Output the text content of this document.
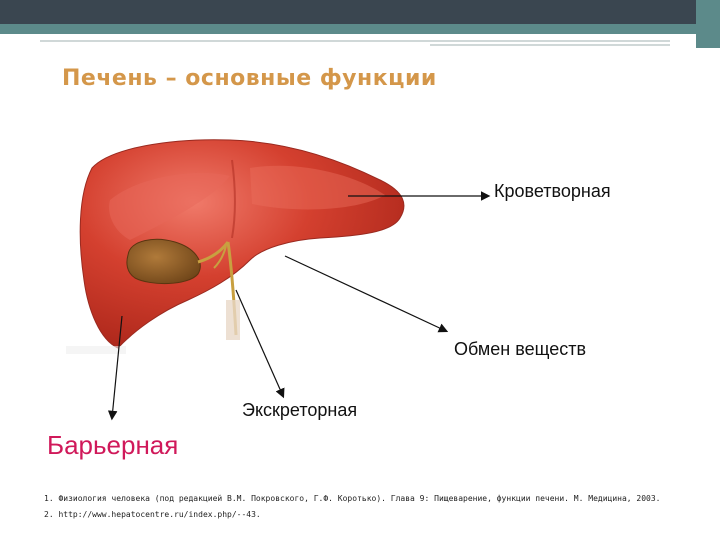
Печень – основные функции
Кроветворная
Обмен веществ
Экскреторная
Барьерная
1. Физиология человека (под редакцией В.М. Покровского, Г.Ф. Коротько). Глава 9: Пищеварение, функции печени. М. Медицина, 2003.
2. http://www.hepatocentre.ru/index.php/--43.
